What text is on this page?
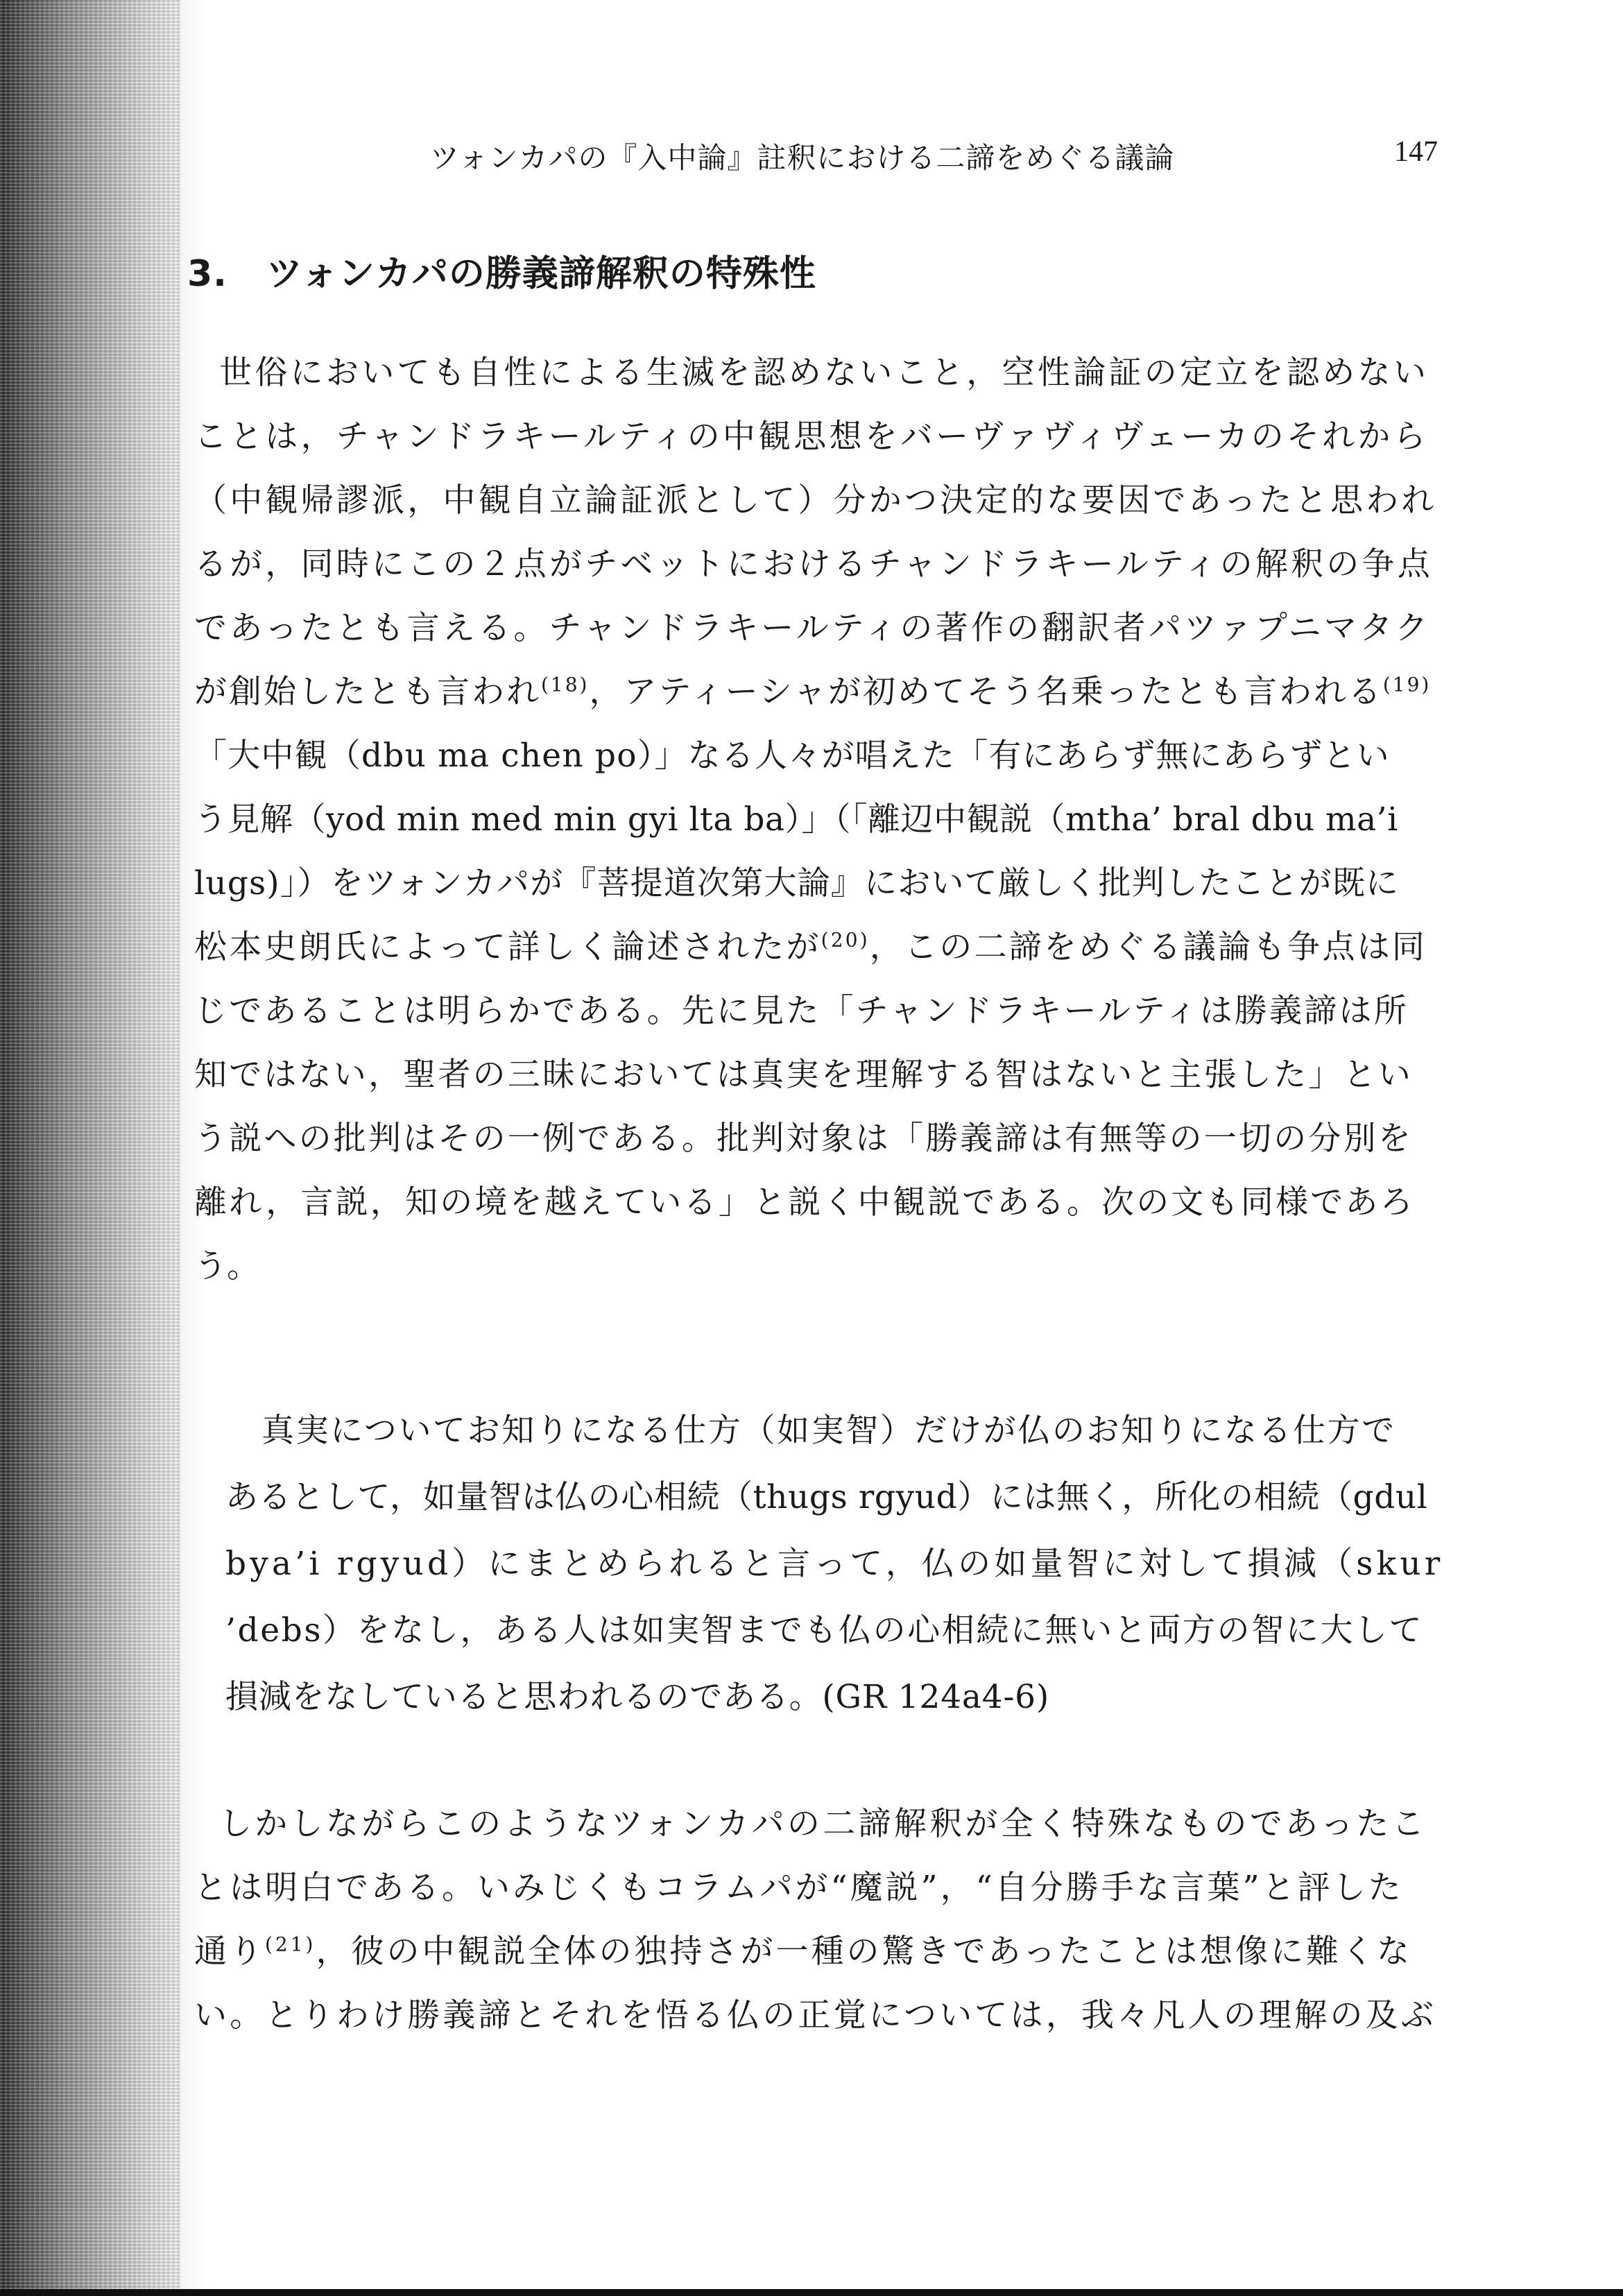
ツォンカパの『入中論』註釈における二諦をめぐる議論	147
3. ツォンカパの勝義諦解釈の特殊性
世俗においても自性による生滅を認めないこと，空性論証の定立を認めない
ことは，チャンドラキールティの中観思想をバーヴァヴィヴェーカのそれから
（中観帰謬派，中観自立論証派として）分かつ決定的な要因であったと思われ
るが，同時にこの２点がチベットにおけるチャンドラキールティの解釈の争点
であったとも言える。チャンドラキールティの著作の翻訳者パツァプニマタク
が創始したとも言われ$^{(18)}$，アティーシャが初めてそう名乗ったとも言われる$^{(19)}$
「大中観（dbu ma chen po）」なる人々が唱えた「有にあらず無にあらずとい
う見解（yod min med min gyi lta ba）」（「離辺中観説（mtha’ bral dbu ma’i
lugs)」）をツォンカパが『菩提道次第大論』において厳しく批判したことが既に
松本史朗氏によって詳しく論述されたが$^{(20)}$，この二諦をめぐる議論も争点は同
じであることは明らかである。先に見た「チャンドラキールティは勝義諦は所
知ではない，聖者の三昧においては真実を理解する智はないと主張した」とい
う説への批判はその一例である。批判対象は「勝義諦は有無等の一切の分別を
離れ，言説，知の境を越えている」と説く中観説である。次の文も同様であろ
う。
真実についてお知りになる仕方（如実智）だけが仏のお知りになる仕方で
あるとして，如量智は仏の心相続（thugs rgyud）には無く，所化の相続（gdul
bya’i rgyud）にまとめられると言って，仏の如量智に対して損減（skur
’debs）をなし，ある人は如実智までも仏の心相続に無いと両方の智に大して
損減をなしていると思われるのである。(GR 124a4-6)
しかしながらこのようなツォンカパの二諦解釈が全く特殊なものであったこ
とは明白である。いみじくもコラムパが“魔説”，“自分勝手な言葉”と評した
通り$^{(21)}$，彼の中観説全体の独持さが一種の驚きであったことは想像に難くな
い。とりわけ勝義諦とそれを悟る仏の正覚については，我々凡人の理解の及ぶ
